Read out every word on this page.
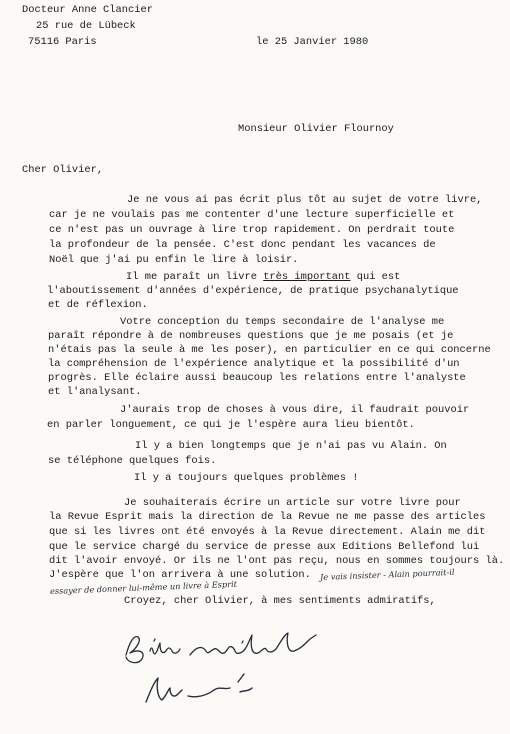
Docteur Anne Clancier
25 rue de Lübeck
75116 Paris	le 25 Janvier 1980
Monsieur Olivier Flournoy
Cher Olivier,
Je ne vous ai pas écrit plus tôt au sujet de votre livre,
car je ne voulais pas me contenter d'une lecture superficielle et
ce n'est pas un ouvrage à lire trop rapidement. On perdrait toute
la profondeur de la pensée. C'est donc pendant les vacances de
Noël que j'ai pu enfin le lire à loisir.
Il me paraît un livre très important qui est
l'aboutissement d'années d'expérience, de pratique psychanalytique
et de réflexion.
Votre conception du temps secondaire de l'analyse me
paraît répondre à de nombreuses questions que je me posais (et je
n'étais pas la seule à me les poser), en particulier en ce qui concerne
la compréhension de l'expérience analytique et la possibilité d'un
progrès. Elle éclaire aussi beaucoup les relations entre l'analyste
et l'analysant.
J'aurais trop de choses à vous dire, il faudrait pouvoir
en parler longuement, ce qui je l'espère aura lieu bientôt.
Il y a bien longtemps que je n'ai pas vu Alain. On
se téléphone quelques fois.
Il y a toujours quelques problèmes !
Je souhaiterais écrire un article sur votre livre pour
la Revue Esprit mais la direction de la Revue ne me passe des articles
que si les livres ont été envoyés à la Revue directement. Alain me dit
que le service chargé du service de presse aux Editions Bellefond lui
dit l'avoir envoyé. Or ils ne l'ont pas reçu, nous en sommes toujours là.
J'espère que l'on arrivera à une solution. Je vais insister - Alain pourrait-il
essayer de donner lui-même un livre à Esprit
Croyez, cher Olivier, à mes sentiments admiratifs,
